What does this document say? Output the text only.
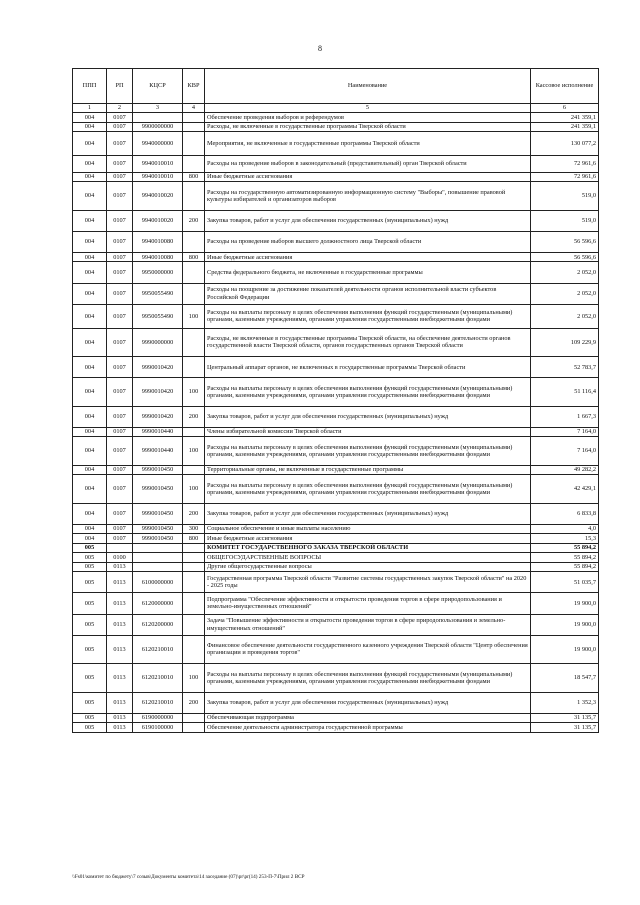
8
ППП	РП	КЦСР	КВР	Наименование	Кассовое исполнение
1	2	3	4	5	6
004	0107			Обеспечение проведения выборов и референдумов	241 359,1
004	0107	9900000000		Расходы, не включенные в государственные программы Тверской области	241 359,1
004	0107	9940000000		Мероприятия, не включенные в государственные программы Тверской области	130 077,2
004	0107	9940010010		Расходы на проведение выборов в законодательный (представительный) орган Тверской области	72 961,6
004	0107	9940010010	800	Иные бюджетные ассигнования	72 961,6
004	0107	9940010020		Расходы на государственную автоматизированную информационную систему "Выборы", повышение правовой культуры избирателей и организаторов выборов	519,0
004	0107	9940010020	200	Закупка товаров, работ и услуг для обеспечения государственных (муниципальных) нужд	519,0
004	0107	9940010080		Расходы на проведение выборов высшего должностного лица Тверской области	56 596,6
004	0107	9940010080	800	Иные бюджетные ассигнования	56 596,6
004	0107	9950000000		Средства федерального бюджета, не включенные в государственные программы	2 052,0
004	0107	9950055490		Расходы на поощрение за достижение показателей деятельности органов исполнительной власти субъектов Российской Федерации	2 052,0
004	0107	9950055490	100	Расходы на выплаты персоналу в целях обеспечения выполнения функций государственными (муниципальными) органами, казенными учреждениями, органами управления государственными внебюджетными фондами	2 052,0
004	0107	9990000000		Расходы, не включенные в государственные программы Тверской области, на обеспечение деятельности органов государственной власти Тверской области, органов государственных органов Тверской области	109 229,9
004	0107	9990010420		Центральный аппарат органов, не включенных в государственные программы Тверской области	52 783,7
004	0107	9990010420	100	Расходы на выплаты персоналу в целях обеспечения выполнения функций государственными (муниципальными) органами, казенными учреждениями, органами управления государственными внебюджетными фондами	51 116,4
004	0107	9990010420	200	Закупка товаров, работ и услуг для обеспечения государственных (муниципальных) нужд	1 667,3
004	0107	9990010440		Члены избирательной комиссии Тверской области	7 164,0
004	0107	9990010440	100	Расходы на выплаты персоналу в целях обеспечения выполнения функций государственными (муниципальными) органами, казенными учреждениями, органами управления государственными внебюджетными фондами	7 164,0
004	0107	9990010450		Территориальные органы, не включенные в государственные программы	49 282,2
004	0107	9990010450	100	Расходы на выплаты персоналу в целях обеспечения выполнения функций государственными (муниципальными) органами, казенными учреждениями, органами управления государственными внебюджетными фондами	42 429,1
004	0107	9990010450	200	Закупка товаров, работ и услуг для обеспечения государственных (муниципальных) нужд	6 833,8
004	0107	9990010450	300	Социальное обеспечение и иные выплаты населению	4,0
004	0107	9990010450	800	Иные бюджетные ассигнования	15,3
005				КОМИТЕТ ГОСУДАРСТВЕННОГО ЗАКАЗА ТВЕРСКОЙ ОБЛАСТИ	55 894,2
005	0100			ОБЩЕГОСУДАРСТВЕННЫЕ ВОПРОСЫ	55 894,2
005	0113			Другие общегосударственные вопросы	55 894,2
005	0113	6100000000		Государственная программа Тверской области "Развитие системы государственных закупок Тверской области" на 2020 - 2025 годы	51 035,7
005	0113	6120000000		Подпрограмма "Обеспечение эффективности и открытости проведения торгов в сфере природопользования и земельно-имущественных отношений"	19 900,0
005	0113	6120200000		Задача "Повышение эффективности и открытости проведения торгов в сфере природопользования и земельно-имущественных отношений"	19 900,0
005	0113	6120210010		Финансовое обеспечение деятельности государственного казенного учреждения Тверской области "Центр обеспечения организации и проведения торгов"	19 900,0
005	0113	6120210010	100	Расходы на выплаты персоналу в целях обеспечения выполнения функций государственными (муниципальными) органами, казенными учреждениями, органами управления государственными внебюджетными фондами	18 547,7
005	0113	6120210010	200	Закупка товаров, работ и услуг для обеспечения государственных (муниципальных) нужд	1 352,3
005	0113	6190000000		Обеспечивающая подпрограмма	31 135,7
005	0113	6190100000		Обеспечение деятельности администратора государственной программы	31 135,7
\\Fs01\комитет по бюджету\7 созыв\Документы комитета\14 заседание (07)\pr\pr(14) 253-П-7\Прил 2 ВСР
